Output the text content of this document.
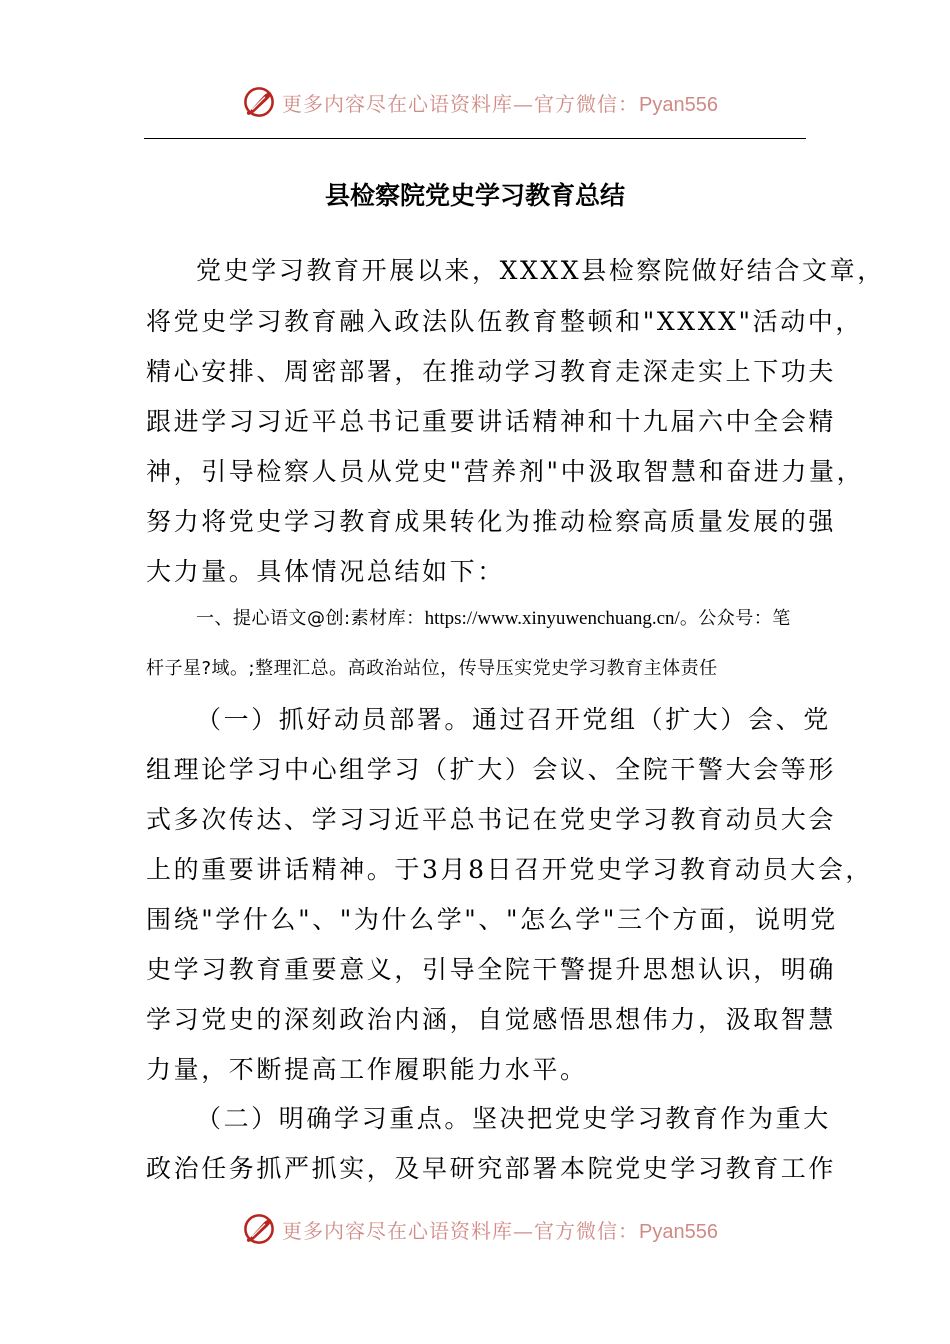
更多内容尽在心语资料库—官方微信：Pyan556
县检察院党史学习教育总结
党史学习教育开展以来，XXXX县检察院做好结合文章，
将党史学习教育融入政法队伍教育整顿和"XXXX"活动中，
精心安排、周密部署，在推动学习教育走深走实上下功夫
跟进学习习近平总书记重要讲话精神和十九届六中全会精
神，引导检察人员从党史"营养剂"中汲取智慧和奋进力量，
努力将党史学习教育成果转化为推动检察高质量发展的强
大力量。具体情况总结如下：
一、提心语文@创:素材库：https://www.xinyuwenchuang.cn/。公众号：笔
杆子星?域。;整理汇总。高政治站位，传导压实党史学习教育主体责任
（一）抓好动员部署。通过召开党组（扩大）会、党
组理论学习中心组学习（扩大）会议、全院干警大会等形
式多次传达、学习习近平总书记在党史学习教育动员大会
上的重要讲话精神。于3月8日召开党史学习教育动员大会，
围绕"学什么"、"为什么学"、"怎么学"三个方面，说明党
史学习教育重要意义，引导全院干警提升思想认识，明确
学习党史的深刻政治内涵，自觉感悟思想伟力，汲取智慧
力量，不断提高工作履职能力水平。
（二）明确学习重点。坚决把党史学习教育作为重大
政治任务抓严抓实，及早研究部署本院党史学习教育工作
更多内容尽在心语资料库—官方微信：Pyan556
